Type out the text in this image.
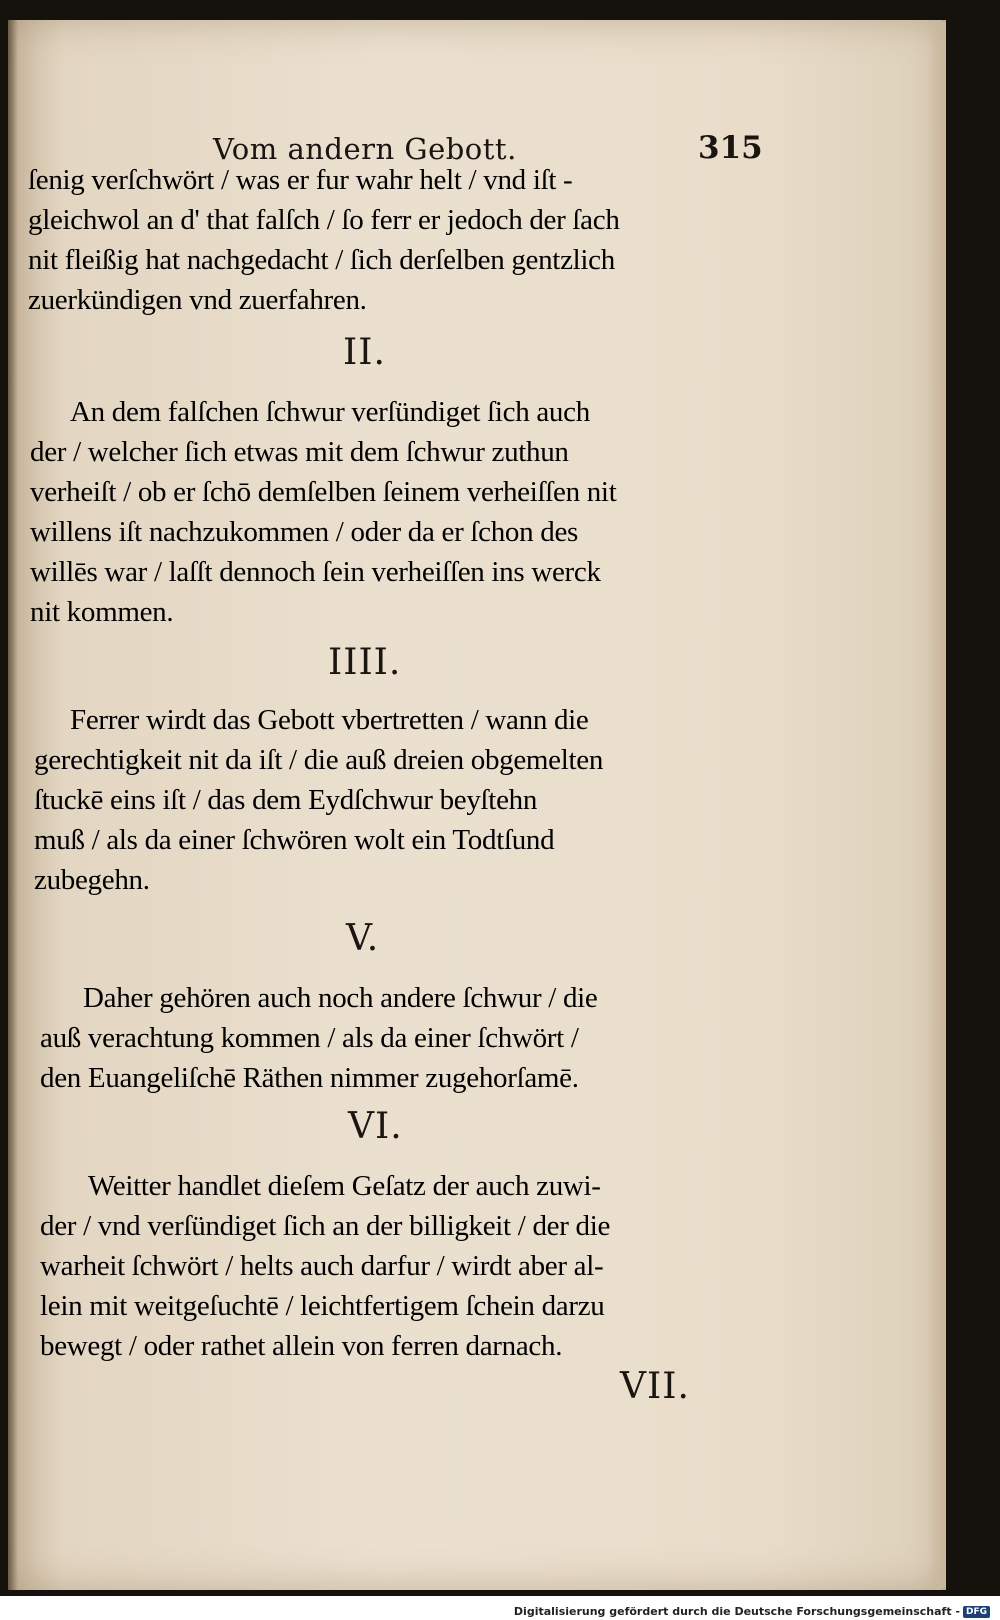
Vom andern Gebott.	315
ſenig verſchwört / was er fur wahr helt / vnd iſt -
gleichwol an d' that falſch / ſo ferr er jedoch der ſach
nit fleißig hat nachgedacht / ſich derſelben gentzlich
zuerkündigen vnd zuerfahren.
II.
An dem falſchen ſchwur verſündiget ſich auch
der / welcher ſich etwas mit dem ſchwur zuthun
verheiſt / ob er ſchō demſelben ſeinem verheiſſen nit
willens iſt nachzukommen / oder da er ſchon des
willēs war / laſſt dennoch ſein verheiſſen ins werck
nit kommen.
IIII.
Ferrer wirdt das Gebott vbertretten / wann die
gerechtigkeit nit da iſt / die auß dreien obgemelten
ſtuckē eins iſt / das dem Eydſchwur beyſtehn
muß / als da einer ſchwören wolt ein Todtſund
zubegehn.
V.
Daher gehören auch noch andere ſchwur / die
auß verachtung kommen / als da einer ſchwört /
den Euangeliſchē Räthen nimmer zugehorſamē.
VI.
Weitter handlet dieſem Geſatz der auch zuwi-
der / vnd verſündiget ſich an der billigkeit / der die
warheit ſchwört / helts auch darfur / wirdt aber al-
lein mit weitgeſuchtē / leichtfertigem ſchein darzu
bewegt / oder rathet allein von ferren darnach.
VII.
Digitalisierung gefördert durch die Deutsche Forschungsgemeinschaft - DFG
